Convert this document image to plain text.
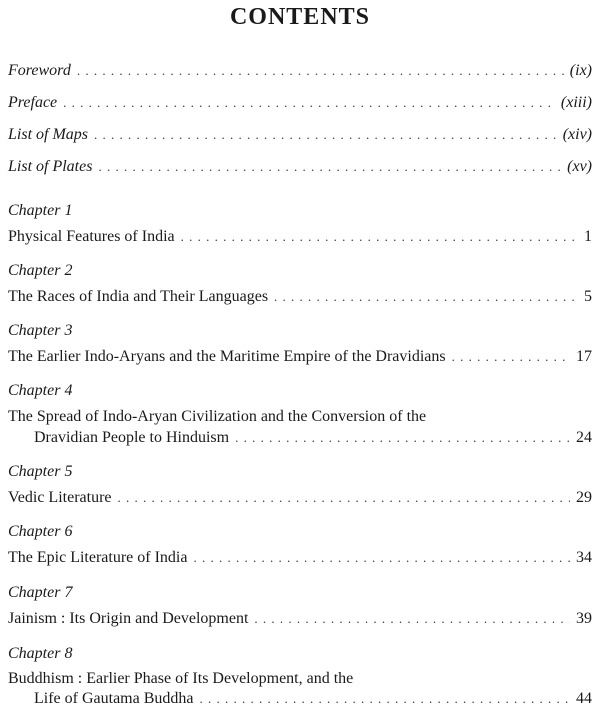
CONTENTS
Foreword . . .	(ix)
Preface . . .	(xiii)
List of Maps . . .	(xiv)
List of Plates . . .	(xv)
Chapter 1
Physical Features of India . . .	1
Chapter 2
The Races of India and Their Languages . . .	5
Chapter 3
The Earlier Indo-Aryans and the Maritime Empire of the Dravidians . . .	17
Chapter 4
The Spread of Indo-Aryan Civilization and the Conversion of the
Dravidian People to Hinduism . . .	24
Chapter 5
Vedic Literature . . .	29
Chapter 6
The Epic Literature of India . . .	34
Chapter 7
Jainism : Its Origin and Development . . .	39
Chapter 8
Buddhism : Earlier Phase of Its Development, and the
Life of Gautama Buddha . . .	44
